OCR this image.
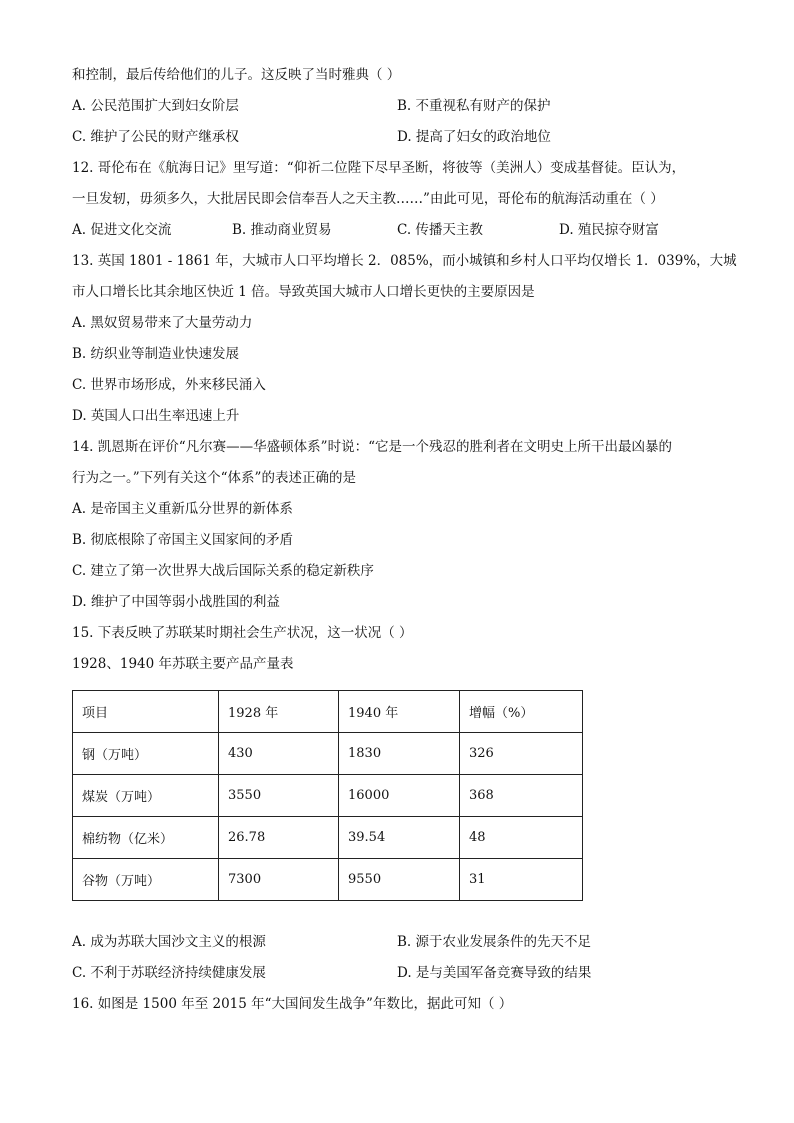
和控制，最后传给他们的儿子。这反映了当时雅典（ ）
A. 公民范围扩大到妇女阶层	B. 不重视私有财产的保护
C. 维护了公民的财产继承权	D. 提高了妇女的政治地位
12. 哥伦布在《航海日记》里写道：“仰祈二位陛下尽早圣断，将彼等（美洲人）变成基督徒。臣认为，
一旦发轫，毋须多久，大批居民即会信奉吾人之天主教……”由此可见，哥伦布的航海活动重在（ ）
A. 促进文化交流	B. 推动商业贸易	C. 传播天主教	D. 殖民掠夺财富
13. 英国 1801 - 1861 年，大城市人口平均增长 2．085%，而小城镇和乡村人口平均仅增长 1．039%，大城
市人口增长比其余地区快近 1 倍。导致英国大城市人口增长更快的主要原因是
A. 黑奴贸易带来了大量劳动力
B. 纺织业等制造业快速发展
C. 世界市场形成，外来移民涌入
D. 英国人口出生率迅速上升
14. 凯恩斯在评价“凡尔赛——华盛顿体系”时说：“它是一个残忍的胜利者在文明史上所干出最凶暴的
行为之一。”下列有关这个“体系”的表述正确的是
A. 是帝国主义重新瓜分世界的新体系
B. 彻底根除了帝国主义国家间的矛盾
C. 建立了第一次世界大战后国际关系的稳定新秩序
D. 维护了中国等弱小战胜国的利益
15. 下表反映了苏联某时期社会生产状况，这一状况（ ）
1928、1940 年苏联主要产品产量表
项目	1928 年	1940 年	增幅（%）
钢（万吨）	430	1830	326
煤炭（万吨）	3550	16000	368
棉纺物（亿米）	26.78	39.54	48
谷物（万吨）	7300	9550	31
A. 成为苏联大国沙文主义的根源	B. 源于农业发展条件的先天不足
C. 不利于苏联经济持续健康发展	D. 是与美国军备竞赛导致的结果
16. 如图是 1500 年至 2015 年“大国间发生战争”年数比，据此可知（ ）
